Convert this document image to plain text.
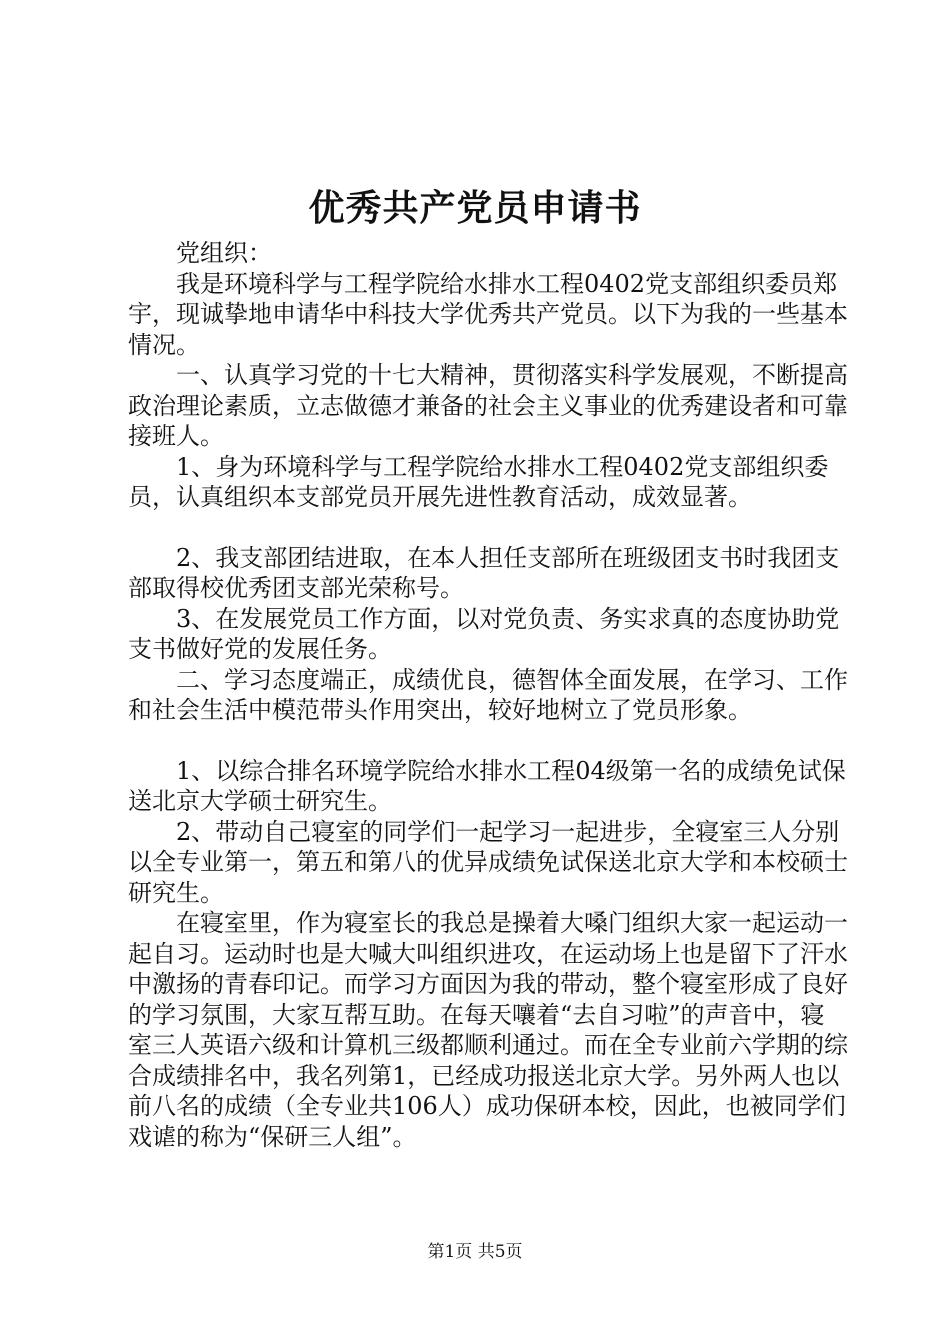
优秀共产党员申请书

党组织：

我是环境科学与工程学院给水排水工程0402党支部组织委员郑宇，现诚挚地申请华中科技大学优秀共产党员。以下为我的一些基本情况。

一、认真学习党的十七大精神，贯彻落实科学发展观，不断提高政治理论素质，立志做德才兼备的社会主义事业的优秀建设者和可靠接班人。

1、身为环境科学与工程学院给水排水工程0402党支部组织委员，认真组织本支部党员开展先进性教育活动，成效显著。

2、我支部团结进取，在本人担任支部所在班级团支书时我团支部取得校优秀团支部光荣称号。

3、在发展党员工作方面，以对党负责、务实求真的态度协助党支书做好党的发展任务。

二、学习态度端正，成绩优良，德智体全面发展，在学习、工作和社会生活中模范带头作用突出，较好地树立了党员形象。

1、以综合排名环境学院给水排水工程04级第一名的成绩免试保送北京大学硕士研究生。

2、带动自己寝室的同学们一起学习一起进步，全寝室三人分别以全专业第一，第五和第八的优异成绩免试保送北京大学和本校硕士研究生。

在寝室里，作为寝室长的我总是操着大嗓门组织大家一起运动一起自习。运动时也是大喊大叫组织进攻，在运动场上也是留下了汗水中激扬的青春印记。而学习方面因为我的带动，整个寝室形成了良好的学习氛围，大家互帮互助。在每天嚷着“去自习啦”的声音中，寝室三人英语六级和计算机三级都顺利通过。而在全专业前六学期的综合成绩排名中，我名列第1，已经成功报送北京大学。另外两人也以前八名的成绩（全专业共106人）成功保研本校，因此，也被同学们戏谑的称为“保研三人组”。

第1页 共5页
